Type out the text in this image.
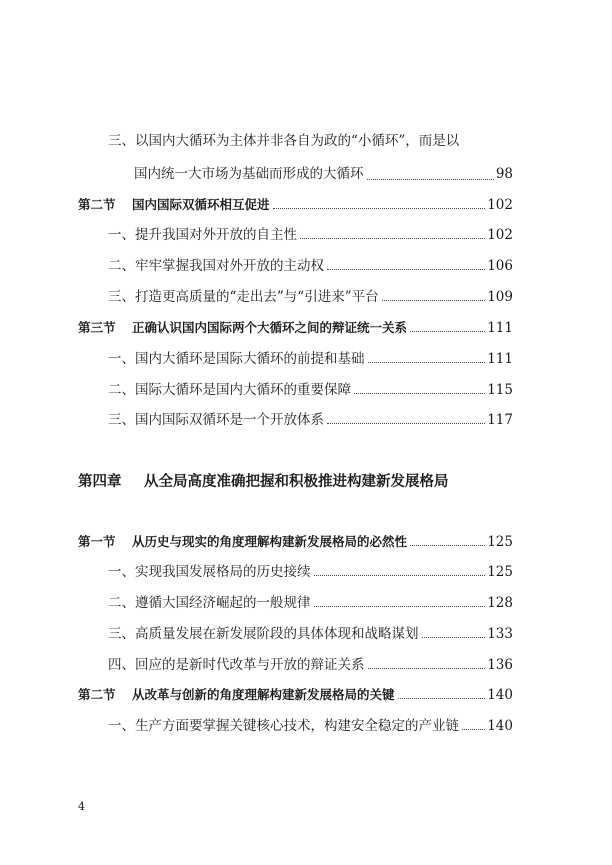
三、以国内大循环为主体并非各自为政的“小循环”，而是以
国内统一大市场为基础而形成的大循环	98
第二节 国内国际双循环相互促进	102
一、提升我国对外开放的自主性	102
二、牢牢掌握我国对外开放的主动权	106
三、打造更高质量的“走出去”与“引进来”平台	109
第三节 正确认识国内国际两个大循环之间的辩证统一关系	111
一、国内大循环是国际大循环的前提和基础	111
二、国际大循环是国内大循环的重要保障	115
三、国内国际双循环是一个开放体系	117
第四章 从全局高度准确把握和积极推进构建新发展格局
第一节 从历史与现实的角度理解构建新发展格局的必然性	125
一、实现我国发展格局的历史接续	125
二、遵循大国经济崛起的一般规律	128
三、高质量发展在新发展阶段的具体体现和战略谋划	133
四、回应的是新时代改革与开放的辩证关系	136
第二节 从改革与创新的角度理解构建新发展格局的关键	140
一、生产方面要掌握关键核心技术，构建安全稳定的产业链 140
4
